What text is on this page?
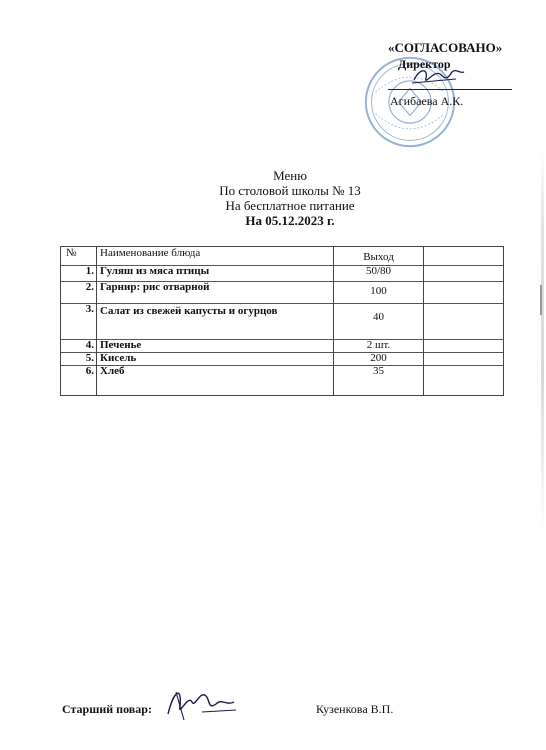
«СОГЛАСОВАНО»
Директор
Агибаева А.К.
Меню
По столовой школы № 13
На бесплатное питание
На 05.12.2023 г.
№	Наименование блюда	Выход
1. Гуляш из мяса птицы	50/80
2. Гарнир: рис отварной	100
3. Салат из свежей капусты и огурцов	40
4. Печенье	2 шт.
5. Кисель	200
6. Хлеб	35
Старший повар:	Кузенкова В.П.
